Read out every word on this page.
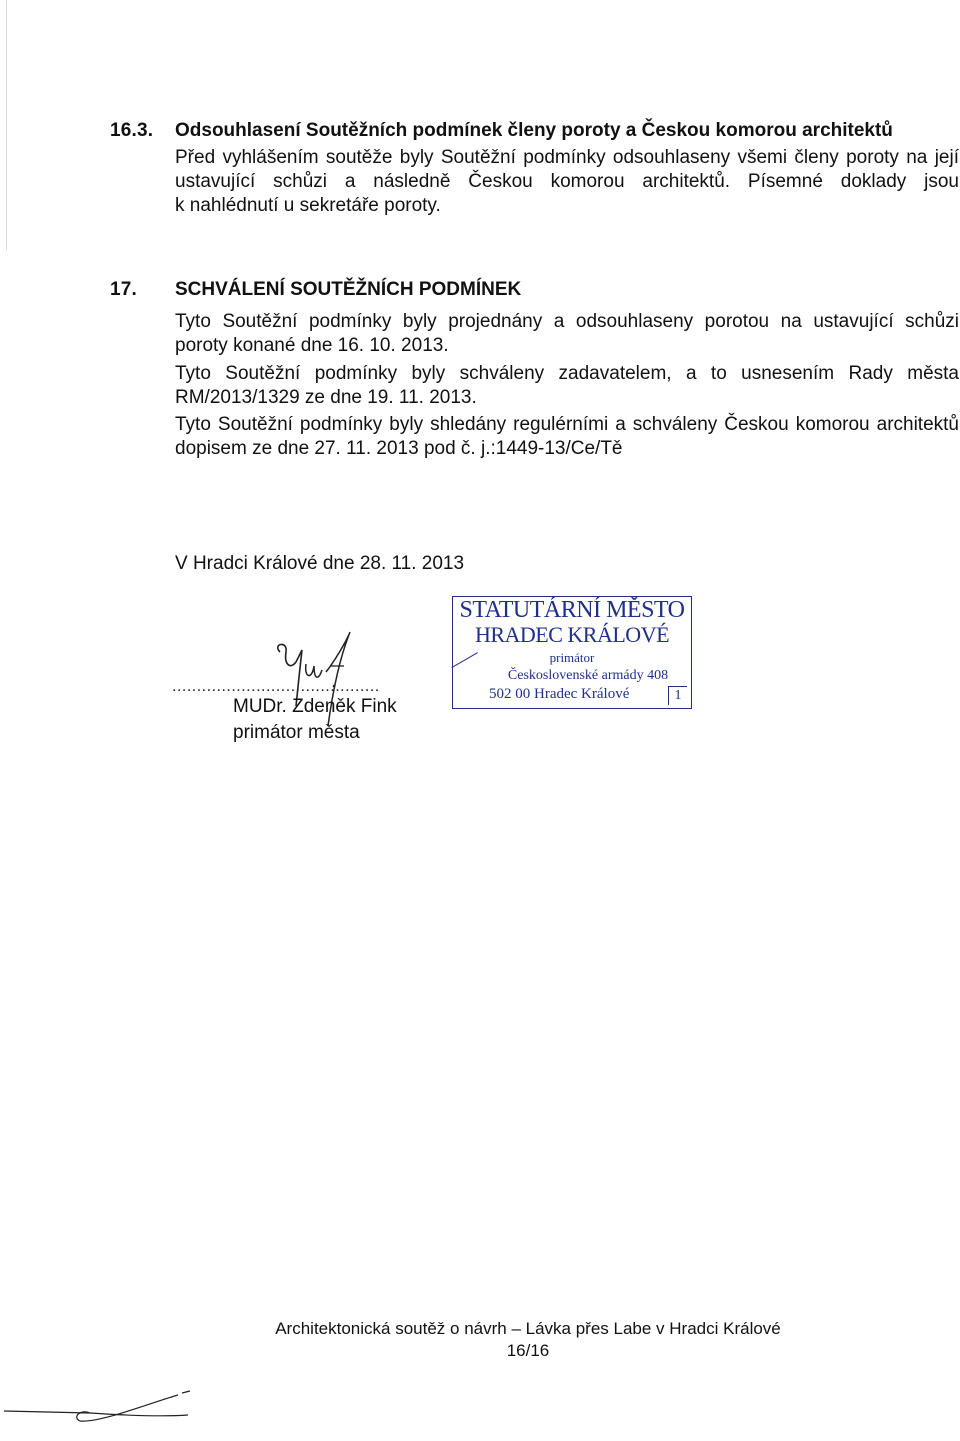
16.3. Odsouhlasení Soutěžních podmínek členy poroty a Českou komorou architektů
Před vyhlášením soutěže byly Soutěžní podmínky odsouhlaseny všemi členy poroty na její
ustavující schůzi a následně Českou komorou architektů. Písemné doklady jsou
k nahlédnutí u sekretáře poroty.
17. SCHVÁLENÍ SOUTĚŽNÍCH PODMÍNEK
Tyto Soutěžní podmínky byly projednány a odsouhlaseny porotou na ustavující schůzi
poroty konané dne 16. 10. 2013.
Tyto Soutěžní podmínky byly schváleny zadavatelem, a to usnesením Rady města
RM/2013/1329 ze dne 19. 11. 2013.
Tyto Soutěžní podmínky byly shledány regulérními a schváleny Českou komorou architektů
dopisem ze dne 27. 11. 2013 pod č. j.:1449-13/Ce/Tě
V Hradci Králové dne 28. 11. 2013
..........................................
MUDr. Zdeněk Fink
primátor města
STATUTÁRNÍ MĚSTO
HRADEC KRÁLOVÉ
primátor
Československé armády 408
502 00 Hradec Králové	1
Architektonická soutěž o návrh – Lávka přes Labe v Hradci Králové
16/16
